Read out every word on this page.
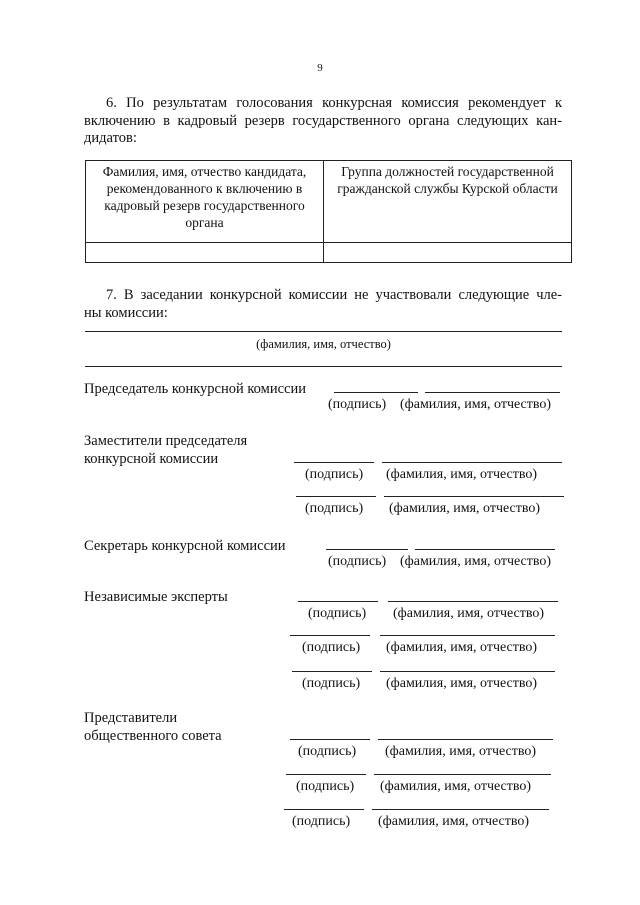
9
6. По результатам голосования конкурсная комиссия рекомендует к
включению в кадровый резерв государственного органа следующих кан-
дидатов:
Фамилия, имя, отчество кандидата, рекомендованного к включению в кадровый резерв государственного органа	Группа должностей государственной гражданской службы Курской области

7. В заседании конкурсной комиссии не участвовали следующие чле-
ны комиссии:
(фамилия, имя, отчество)
Председатель конкурсной комиссии
(подпись) (фамилия, имя, отчество)
Заместители председателя
конкурсной комиссии
(подпись) (фамилия, имя, отчество)
(подпись) (фамилия, имя, отчество)
Секретарь конкурсной комиссии
(подпись) (фамилия, имя, отчество)
Независимые эксперты
(подпись) (фамилия, имя, отчество)
(подпись) (фамилия, имя, отчество)
(подпись) (фамилия, имя, отчество)
Представители
общественного совета
(подпись) (фамилия, имя, отчество)
(подпись) (фамилия, имя, отчество)
(подпись) (фамилия, имя, отчество)
